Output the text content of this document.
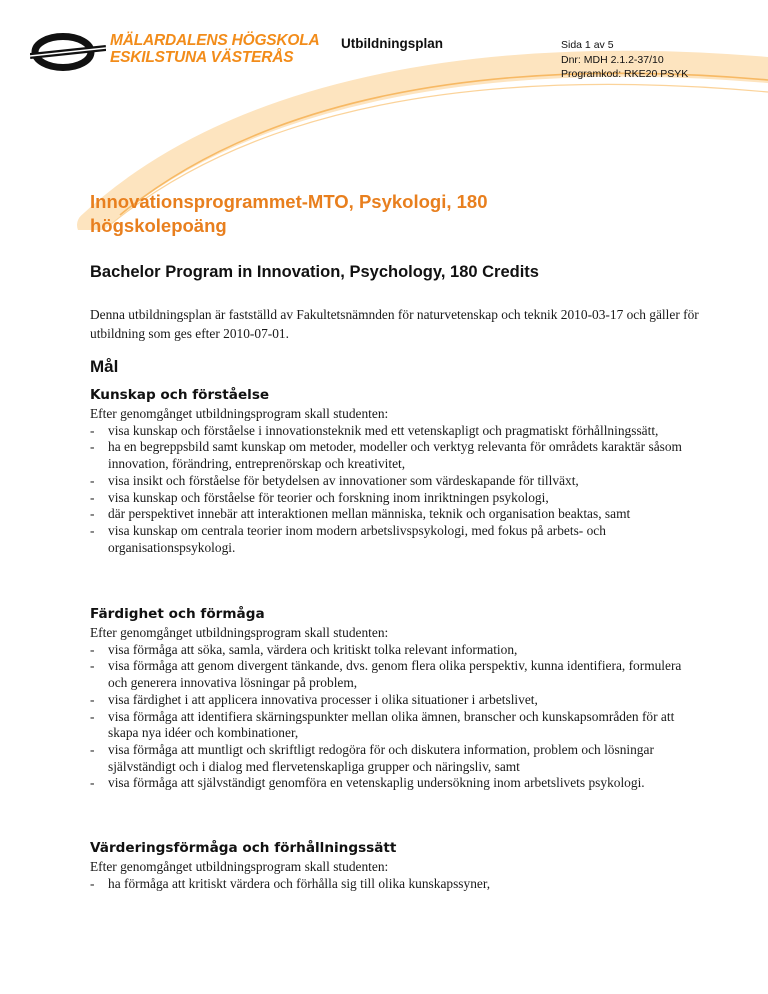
MÄLARDALENS HÖGSKOLA
ESKILSTUNA VÄSTERÅS
Utbildningsplan	Sida 1 av 5
Dnr: MDH 2.1.2-37/10
Programkod: RKE20 PSYK
Innovationsprogrammet-MTO, Psykologi, 180 högskolepoäng
Bachelor Program in Innovation, Psychology, 180 Credits

Denna utbildningsplan är fastställd av Fakultetsnämnden för naturvetenskap och teknik 2010-03-17 och gäller för utbildning som ges efter 2010-07-01.

Mål
Kunskap och förståelse

Efter genomgånget utbildningsprogram skall studenten:

- visa kunskap och förståelse i innovationsteknik med ett vetenskapligt och pragmatiskt förhållningssätt,
- ha en begreppsbild samt kunskap om metoder, modeller och verktyg relevanta för områdets karaktär såsom innovation, förändring, entreprenörskap och kreativitet,
- visa insikt och förståelse för betydelsen av innovationer som värdeskapande för tillväxt,
- visa kunskap och förståelse för teorier och forskning inom inriktningen psykologi,
- där perspektivet innebär att interaktionen mellan människa, teknik och organisation beaktas, samt
- visa kunskap om centrala teorier inom modern arbetslivspsykologi, med fokus på arbets- och organisationspsykologi.
Färdighet och förmåga

Efter genomgånget utbildningsprogram skall studenten:

- visa förmåga att söka, samla, värdera och kritiskt tolka relevant information,
- visa förmåga att genom divergent tänkande, dvs. genom flera olika perspektiv, kunna identifiera, formulera och generera innovativa lösningar på problem,
- visa färdighet i att applicera innovativa processer i olika situationer i arbetslivet,
- visa förmåga att identifiera skärningspunkter mellan olika ämnen, branscher och kunskapsområden för att skapa nya idéer och kombinationer,
- visa förmåga att muntligt och skriftligt redogöra för och diskutera information, problem och lösningar självständigt och i dialog med flervetenskapliga grupper och näringsliv, samt
- visa förmåga att självständigt genomföra en vetenskaplig undersökning inom arbetslivets psykologi.
Värderingsförmåga och förhållningssätt

Efter genomgånget utbildningsprogram skall studenten:

- ha förmåga att kritiskt värdera och förhålla sig till olika kunskapssyner,
